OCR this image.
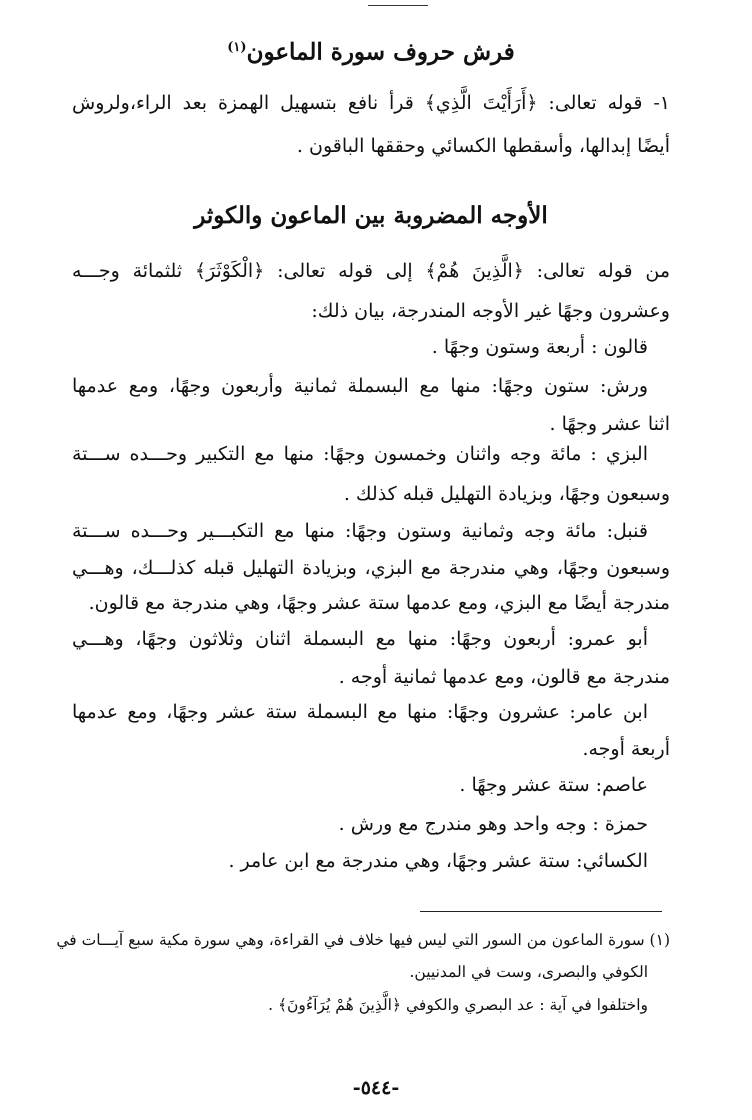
فرش حروف سورة الماعون$^{(١)}$
١- قوله تعالى: ﴿أَرَأَيْتَ الَّذِي﴾ قرأ نافع بتسهيل الهمزة بعد الراء،ولروش
أيضًا إبدالها، وأسقطها الكسائي وحققها الباقون .
الأوجه المضروبة بين الماعون والكوثر
من قوله تعالى: ﴿الَّذِينَ هُمْ﴾ إلى قوله تعالى: ﴿الْكَوْثَرَ﴾ ثلثمائة وجـــه
وعشرون وجهًا غير الأوجه المندرجة، بيان ذلك:
قالون : أربعة وستون وجهًا .
ورش: ستون وجهًا: منها مع البسملة ثمانية وأربعون وجهًا، ومع عدمها
اثنا عشر وجهًا .
البزي : مائة وجه واثنان وخمسون وجهًا: منها مع التكبير وحـــده ســـتة
وسبعون وجهًا، وبزيادة التهليل قبله كذلك .
قنبل: مائة وجه وثمانية وستون وجهًا: منها مع التكبـــير وحـــده ســـتة
وسبعون وجهًا، وهي مندرجة مع البزي، وبزيادة التهليل قبله كذلـــك، وهـــي
مندرجة أيضًا مع البزي، ومع عدمها ستة عشر وجهًا، وهي مندرجة مع قالون.
أبو عمرو: أربعون وجهًا: منها مع البسملة اثنان وثلاثون وجهًا، وهـــي
مندرجة مع قالون، ومع عدمها ثمانية أوجه .
ابن عامر: عشرون وجهًا: منها مع البسملة ستة عشر وجهًا، ومع عدمها
أربعة أوجه.
عاصم: ستة عشر وجهًا .
حمزة : وجه واحد وهو مندرج مع ورش .
الكسائي: ستة عشر وجهًا، وهي مندرجة مع ابن عامر .
(١) سورة الماعون من السور التي ليس فيها خلاف في القراءة، وهي سورة مكية سبع آيـــات في
الكوفي والبصرى، وست في المدنيين.
واختلفوا في آية : عد البصري والكوفي ﴿الَّذِينَ هُمْ يُرَآءُونَ﴾ .
-٥٤٤-
